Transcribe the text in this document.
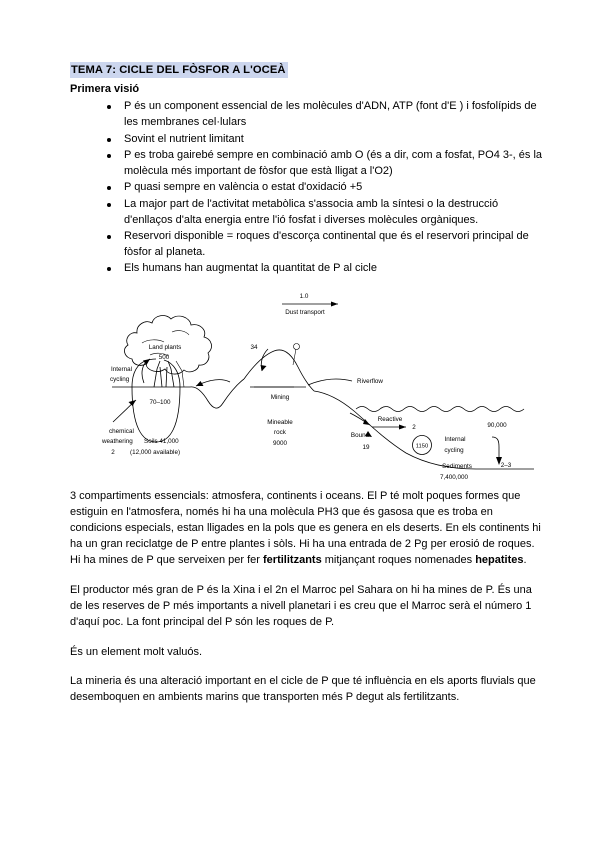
TEMA 7: CICLE DEL FÒSFOR A L'OCEÀ
Primera visió
P és un component essencial de les molècules d'ADN, ATP (font d'E ) i fosfolípids de les membranes cel·lulars
Sovint el nutrient limitant
P es troba gairebé sempre en combinació amb O (és a dir, com a fosfat, PO4 3-, és la molècula més important de fòsfor que està lligat a l'O2)
P quasi sempre en valència o estat d'oxidació +5
La major part de l'activitat metabòlica s'associa amb la síntesi o la destrucció d'enllaços d'alta energia entre l'ió fosfat i diverses molècules orgàniques.
Reservori disponible = roques d'escorça continental que és el reservori principal de fòsfor al planeta.
Els humans han augmentat la quantitat de P al cicle
1.0
Dust transport
Internal
cycling
Land plants
500
70–100
chemical
weathering
2
Soils 41,000
(12,000 available)
34
Mining
Mineable
rock
9000
Riverflow
Reactive
2
Bound
19	1150
Internal
cycling
90,000
2–3
Sediments
7,400,000

3 compartiments essencials: atmosfera, continents i oceans. El P té molt poques formes que estiguin en l'atmosfera, només hi ha una molècula PH3 que és gasosa que es troba en condicions especials, estan lligades en la pols que es genera en els deserts. En els continents hi ha un gran reciclatge de P entre plantes i sòls. Hi ha una entrada de 2 Pg per erosió de roques.

Hi ha mines de P que serveixen per fer fertilitzants mitjançant roques nomenades hepatites.

El productor més gran de P és la Xina i el 2n el Marroc pel Sahara on hi ha mines de P. És una de les reserves de P més importants a nivell planetari i es creu que el Marroc serà el número 1 d'aquí poc. La font principal del P són les roques de P.

És un element molt valuós.

La mineria és una alteració important en el cicle de P que té influència en els aports fluvials que desemboquen en ambients marins que transporten més P degut als fertilitzants.
